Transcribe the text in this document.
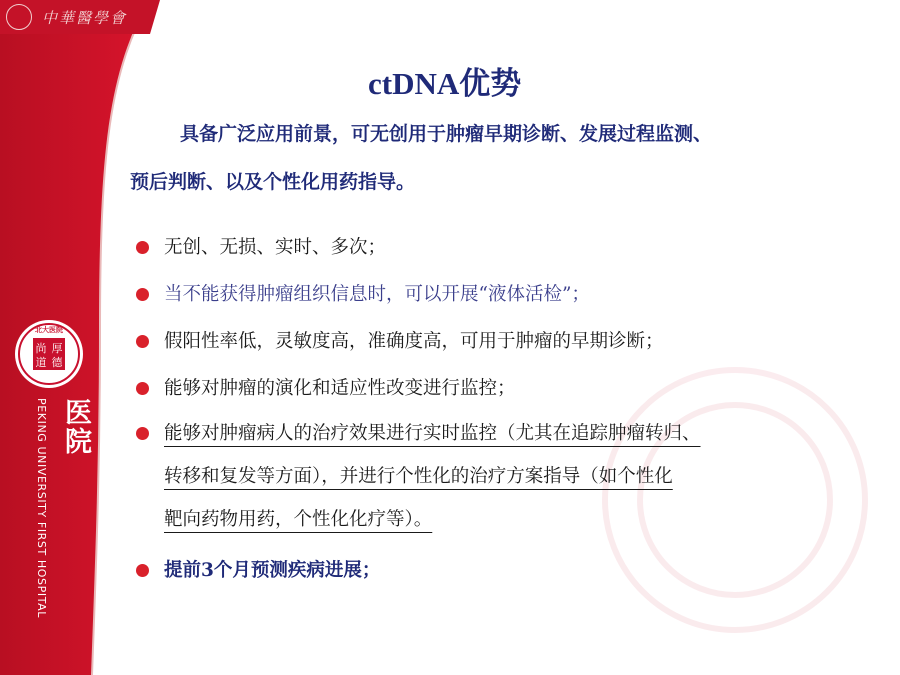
中華醫學會
北大医院
尚 厚
道 德
PEKING UNIVERSITY FIRST HOSPITAL	北京大学第一医院
ctDNA优势
具备广泛应用前景，可无创用于肿瘤早期诊断、发展过程监测、
预后判断、以及个性化用药指导。
无创、无损、实时、多次；
当不能获得肿瘤组织信息时，可以开展“液体活检”；
假阳性率低，灵敏度高，准确度高，可用于肿瘤的早期诊断；
能够对肿瘤的演化和适应性改变进行监控；
能够对肿瘤病人的治疗效果进行实时监控（尤其在追踪肿瘤转归、
转移和复发等方面），并进行个性化的治疗方案指导（如个性化
靶向药物用药，个性化化疗等）。
提前3个月预测疾病进展；
